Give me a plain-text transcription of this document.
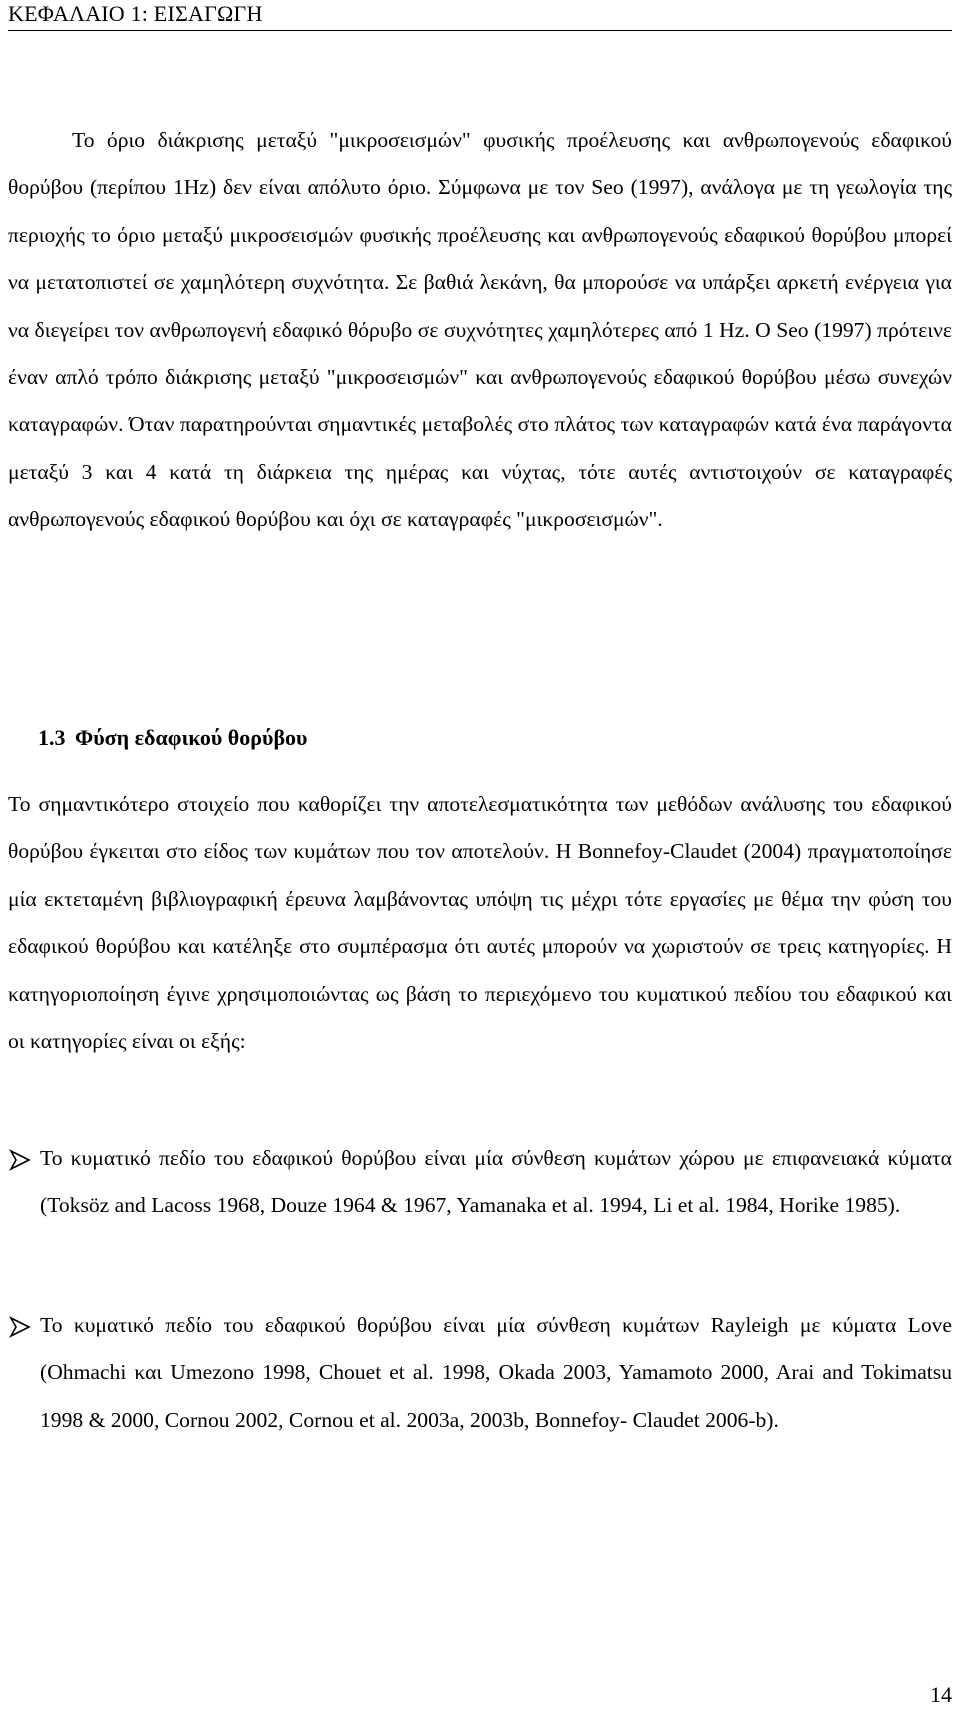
ΚΕΦΑΛΑΙΟ 1: ΕΙΣΑΓΩΓΗ

Το όριο διάκρισης μεταξύ "μικροσεισμών" φυσικής προέλευσης και ανθρωπογενούς εδαφικού θορύβου (περίπου 1Hz) δεν είναι απόλυτο όριο. Σύμφωνα με τον Seo (1997), ανάλογα με τη γεωλογία της περιοχής το όριο μεταξύ μικροσεισμών φυσικής προέλευσης και ανθρωπογενούς εδαφικού θορύβου μπορεί να μετατοπιστεί σε χαμηλότερη συχνότητα. Σε βαθιά λεκάνη, θα μπορούσε να υπάρξει αρκετή ενέργεια για να διεγείρει τον ανθρωπογενή εδαφικό θόρυβο σε συχνότητες χαμηλότερες από 1 Hz. Ο Seo (1997) πρότεινε έναν απλό τρόπο διάκρισης μεταξύ "μικροσεισμών" και ανθρωπογενούς εδαφικού θορύβου μέσω συνεχών καταγραφών. Όταν παρατηρούνται σημαντικές μεταβολές στο πλάτος των καταγραφών κατά ένα παράγοντα μεταξύ 3 και 4 κατά τη διάρκεια της ημέρας και νύχτας, τότε αυτές αντιστοιχούν σε καταγραφές ανθρωπογενούς εδαφικού θορύβου και όχι σε καταγραφές "μικροσεισμών".

1.3 Φύση εδαφικού θορύβου

Το σημαντικότερο στοιχείο που καθορίζει την αποτελεσματικότητα των μεθόδων ανάλυσης του εδαφικού θορύβου έγκειται στο είδος των κυμάτων που τον αποτελούν. Η Bonnefoy-Claudet (2004) πραγματοποίησε μία εκτεταμένη βιβλιογραφική έρευνα λαμβάνοντας υπόψη τις μέχρι τότε εργασίες με θέμα την φύση του εδαφικού θορύβου και κατέληξε στο συμπέρασμα ότι αυτές μπορούν να χωριστούν σε τρεις κατηγορίες. Η κατηγοριοποίηση έγινε χρησιμοποιώντας ως βάση το περιεχόμενο του κυματικού πεδίου του εδαφικού και οι κατηγορίες είναι οι εξής:

Το κυματικό πεδίο του εδαφικού θορύβου είναι μία σύνθεση κυμάτων χώρου με επιφανειακά κύματα (Toksöz and Lacoss 1968, Douze 1964 & 1967, Yamanaka et al. 1994, Li et al. 1984, Horike 1985).

Το κυματικό πεδίο του εδαφικού θορύβου είναι μία σύνθεση κυμάτων Rayleigh με κύματα Love (Ohmachi και Umezono 1998, Chouet et al. 1998, Okada 2003, Yamamoto 2000, Arai and Tokimatsu 1998 & 2000, Cornou 2002, Cornou et al. 2003a, 2003b, Bonnefoy- Claudet 2006-b).

14
